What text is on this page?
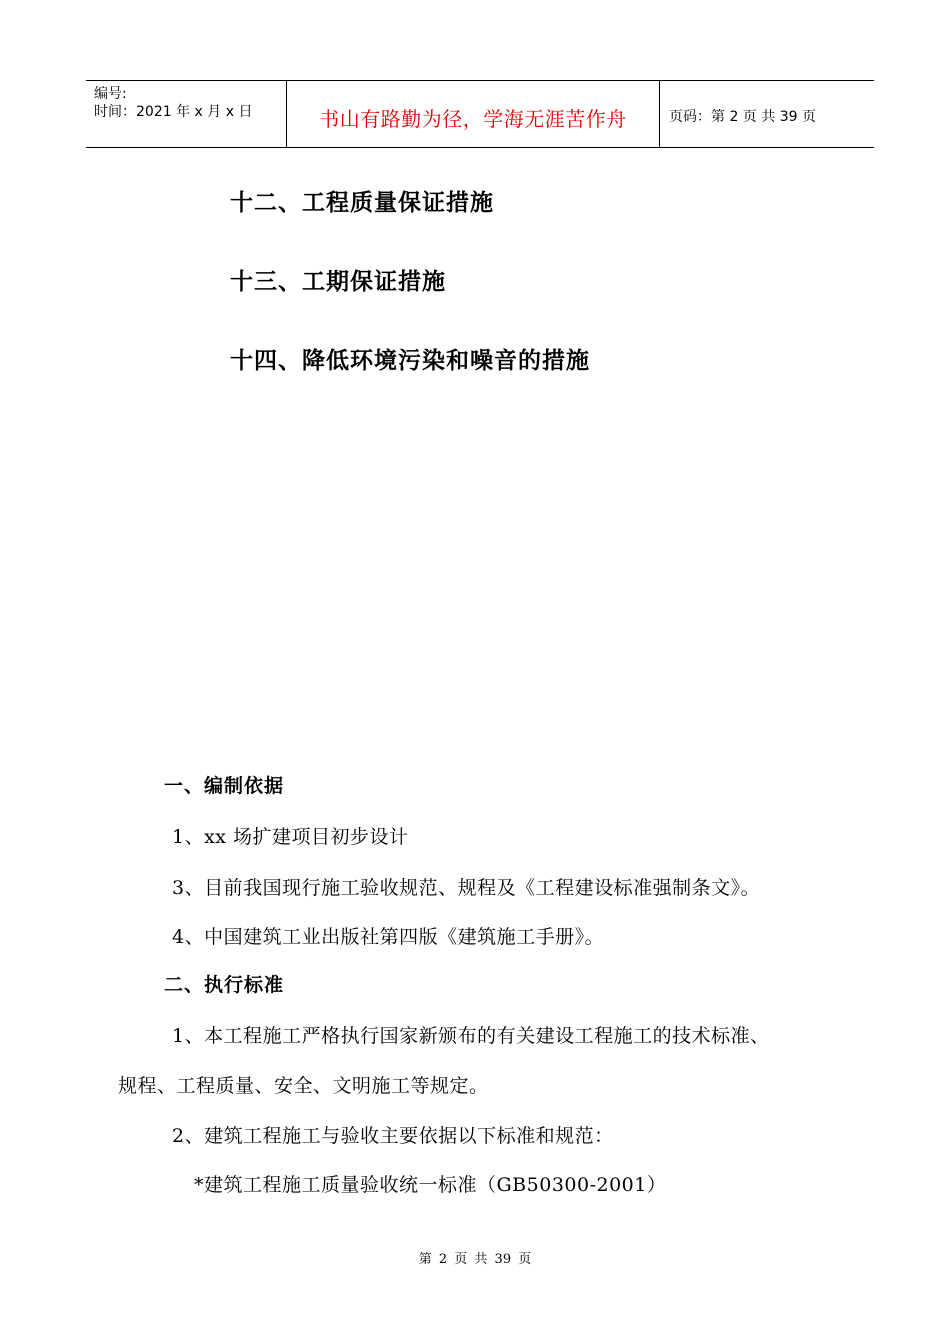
编号:
时间：2021 年 x 月 x 日	书山有路勤为径，学海无涯苦作舟	页码：第 2 页 共 39 页
十二、工程质量保证措施
十三、工期保证措施
十四、降低环境污染和噪音的措施
一、编制依据
1、xx 场扩建项目初步设计
3、目前我国现行施工验收规范、规程及《工程建设标准强制条文》。
4、中国建筑工业出版社第四版《建筑施工手册》。
二、执行标准
1、本工程施工严格执行国家新颁布的有关建设工程施工的技术标准、
规程、工程质量、安全、文明施工等规定。
2、建筑工程施工与验收主要依据以下标准和规范：
*建筑工程施工质量验收统一标准（GB50300-2001）
第 2 页 共 39 页
